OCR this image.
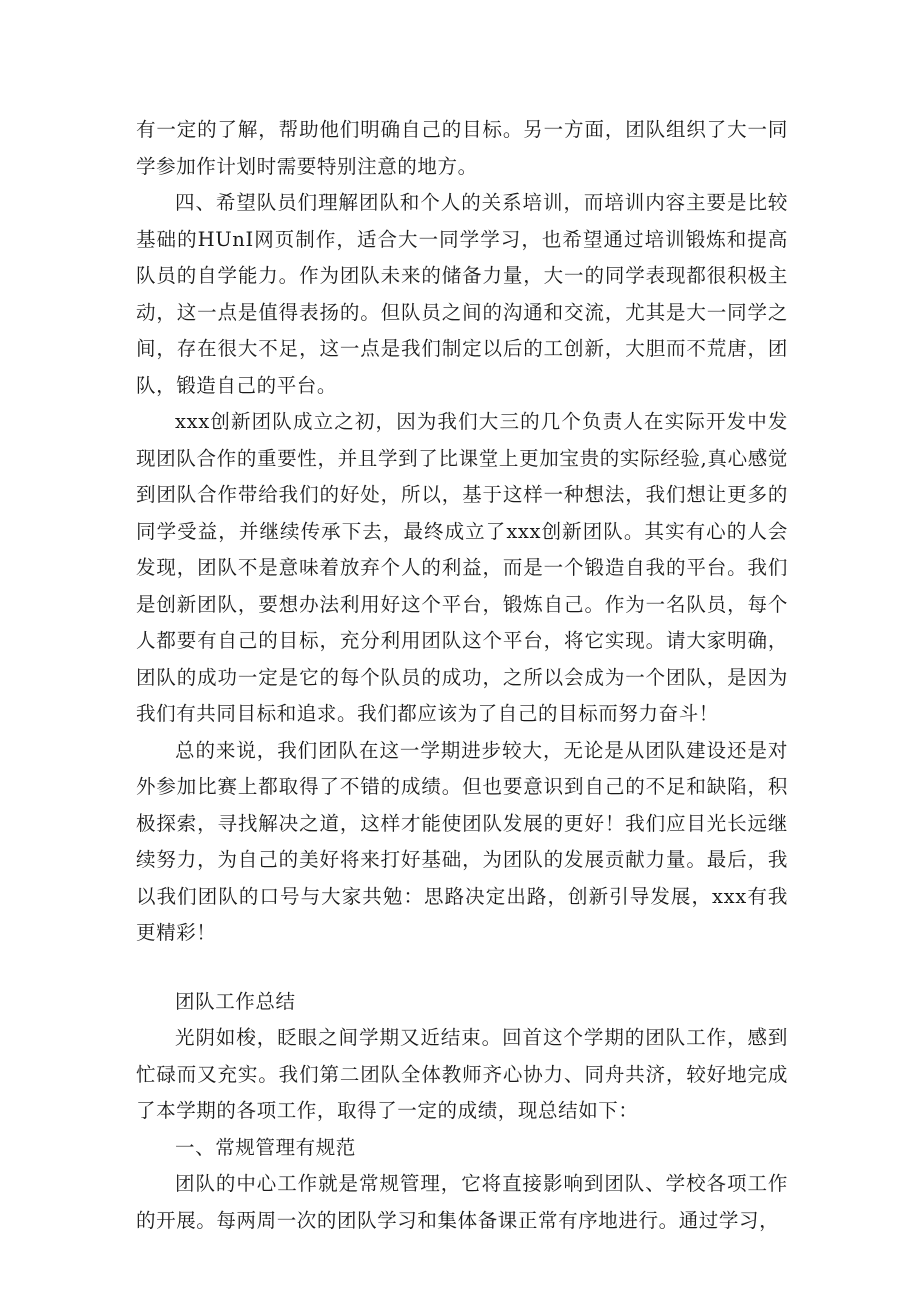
有一定的了解，帮助他们明确自己的目标。另一方面，团队组织了大一同学参加作计划时需要特别注意的地方。

四、希望队员们理解团队和个人的关系培训，而培训内容主要是比较基础的HUnI网页制作，适合大一同学学习，也希望通过培训锻炼和提高队员的自学能力。作为团队未来的储备力量，大一的同学表现都很积极主动，这一点是值得表扬的。但队员之间的沟通和交流，尤其是大一同学之间，存在很大不足，这一点是我们制定以后的工创新，大胆而不荒唐，团队，锻造自己的平台。

xxx创新团队成立之初，因为我们大三的几个负责人在实际开发中发现团队合作的重要性，并且学到了比课堂上更加宝贵的实际经验,真心感觉到团队合作带给我们的好处，所以，基于这样一种想法，我们想让更多的同学受益，并继续传承下去，最终成立了xxx创新团队。其实有心的人会发现，团队不是意味着放弃个人的利益，而是一个锻造自我的平台。我们是创新团队，要想办法利用好这个平台，锻炼自己。作为一名队员，每个人都要有自己的目标，充分利用团队这个平台，将它实现。请大家明确，团队的成功一定是它的每个队员的成功，之所以会成为一个团队，是因为我们有共同目标和追求。我们都应该为了自己的目标而努力奋斗！

总的来说，我们团队在这一学期进步较大，无论是从团队建设还是对外参加比赛上都取得了不错的成绩。但也要意识到自己的不足和缺陷，积极探索，寻找解决之道，这样才能使团队发展的更好！我们应目光长远继续努力，为自己的美好将来打好基础，为团队的发展贡献力量。最后，我以我们团队的口号与大家共勉：思路决定出路，创新引导发展，xxx有我更精彩！

团队工作总结

光阴如梭，眨眼之间学期又近结束。回首这个学期的团队工作，感到忙碌而又充实。我们第二团队全体教师齐心协力、同舟共济，较好地完成了本学期的各项工作，取得了一定的成绩，现总结如下：

一、常规管理有规范

团队的中心工作就是常规管理，它将直接影响到团队、学校各项工作的开展。每两周一次的团队学习和集体备课正常有序地进行。通过学习，
